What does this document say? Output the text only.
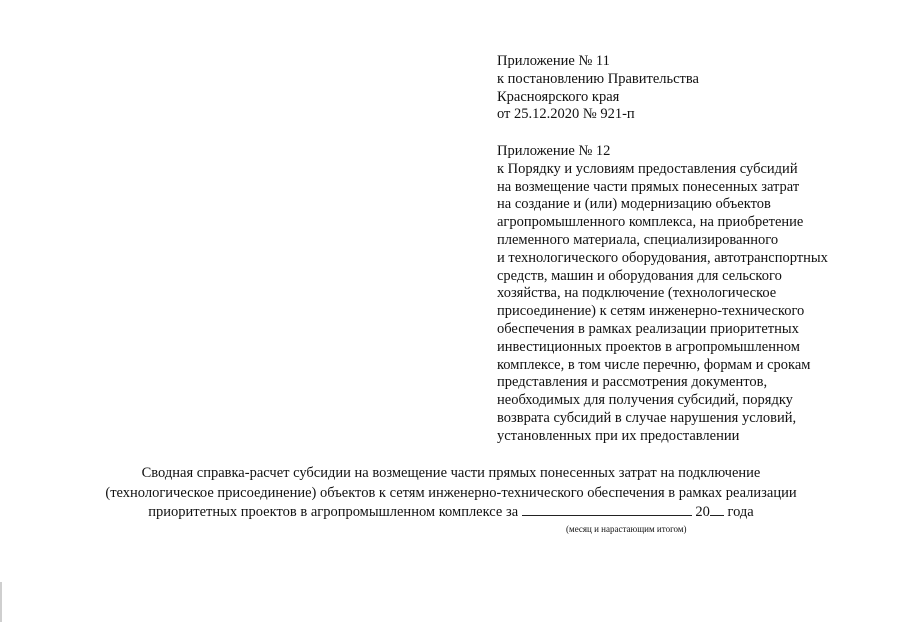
Приложение № 11
к постановлению Правительства
Красноярского края
от 25.12.2020 № 921-п
Приложение № 12
к Порядку и условиям предоставления субсидий
на возмещение части прямых понесенных затрат
на создание и (или) модернизацию объектов
агропромышленного комплекса, на приобретение
племенного материала, специализированного
и технологического оборудования, автотранспортных
средств, машин и оборудования для сельского
хозяйства, на подключение (технологическое
присоединение) к сетям инженерно-технического
обеспечения в рамках реализации приоритетных
инвестиционных проектов в агропромышленном
комплексе, в том числе перечню, формам и срокам
представления и рассмотрения документов,
необходимых для получения субсидий, порядку
возврата субсидий в случае нарушения условий,
установленных при их предоставлении
Сводная справка-расчет субсидии на возмещение части прямых понесенных затрат на подключение
(технологическое присоединение) объектов к сетям инженерно-технического обеспечения в рамках реализации
приоритетных проектов в агропромышленном комплексе за	20 года
(месяц и нарастающим итогом)
